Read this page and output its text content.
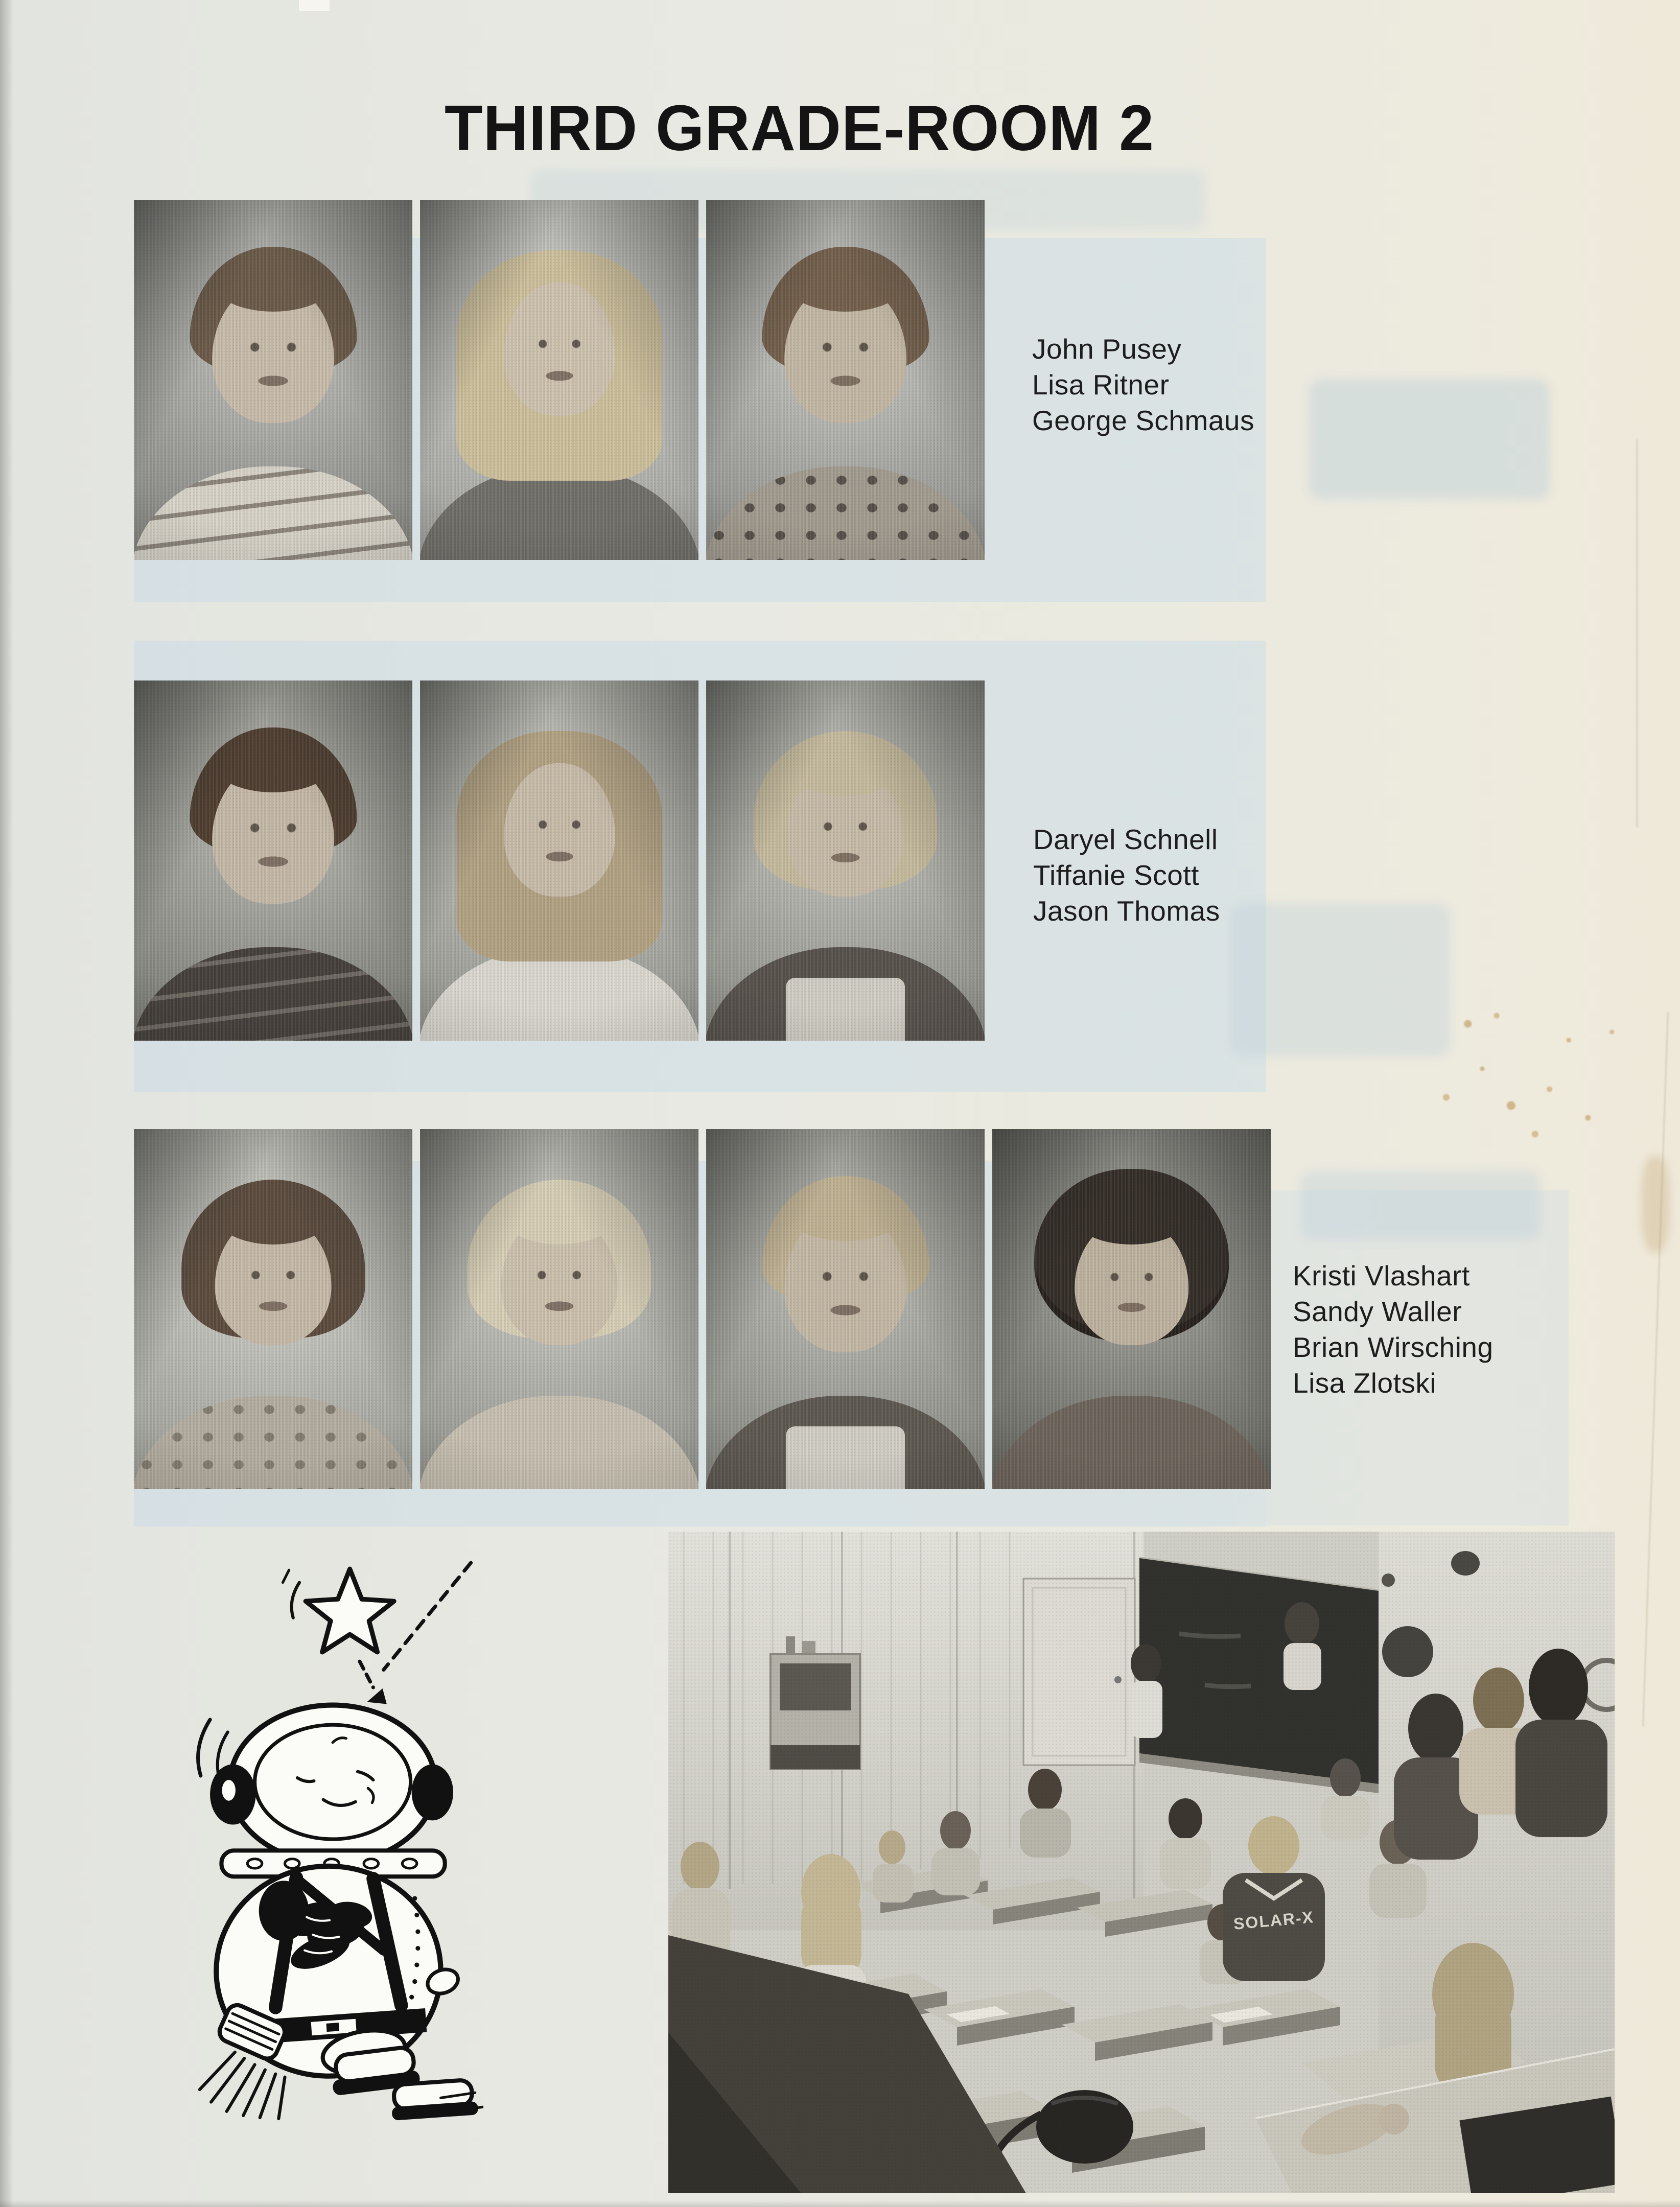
THIRD GRADE-ROOM 2
John Pusey
Lisa Ritner
George Schmaus
Daryel Schnell
Tiffanie Scott
Jason Thomas
Kristi Vlashart
Sandy Waller
Brian Wirsching
Lisa Zlotski
SOLAR-X
